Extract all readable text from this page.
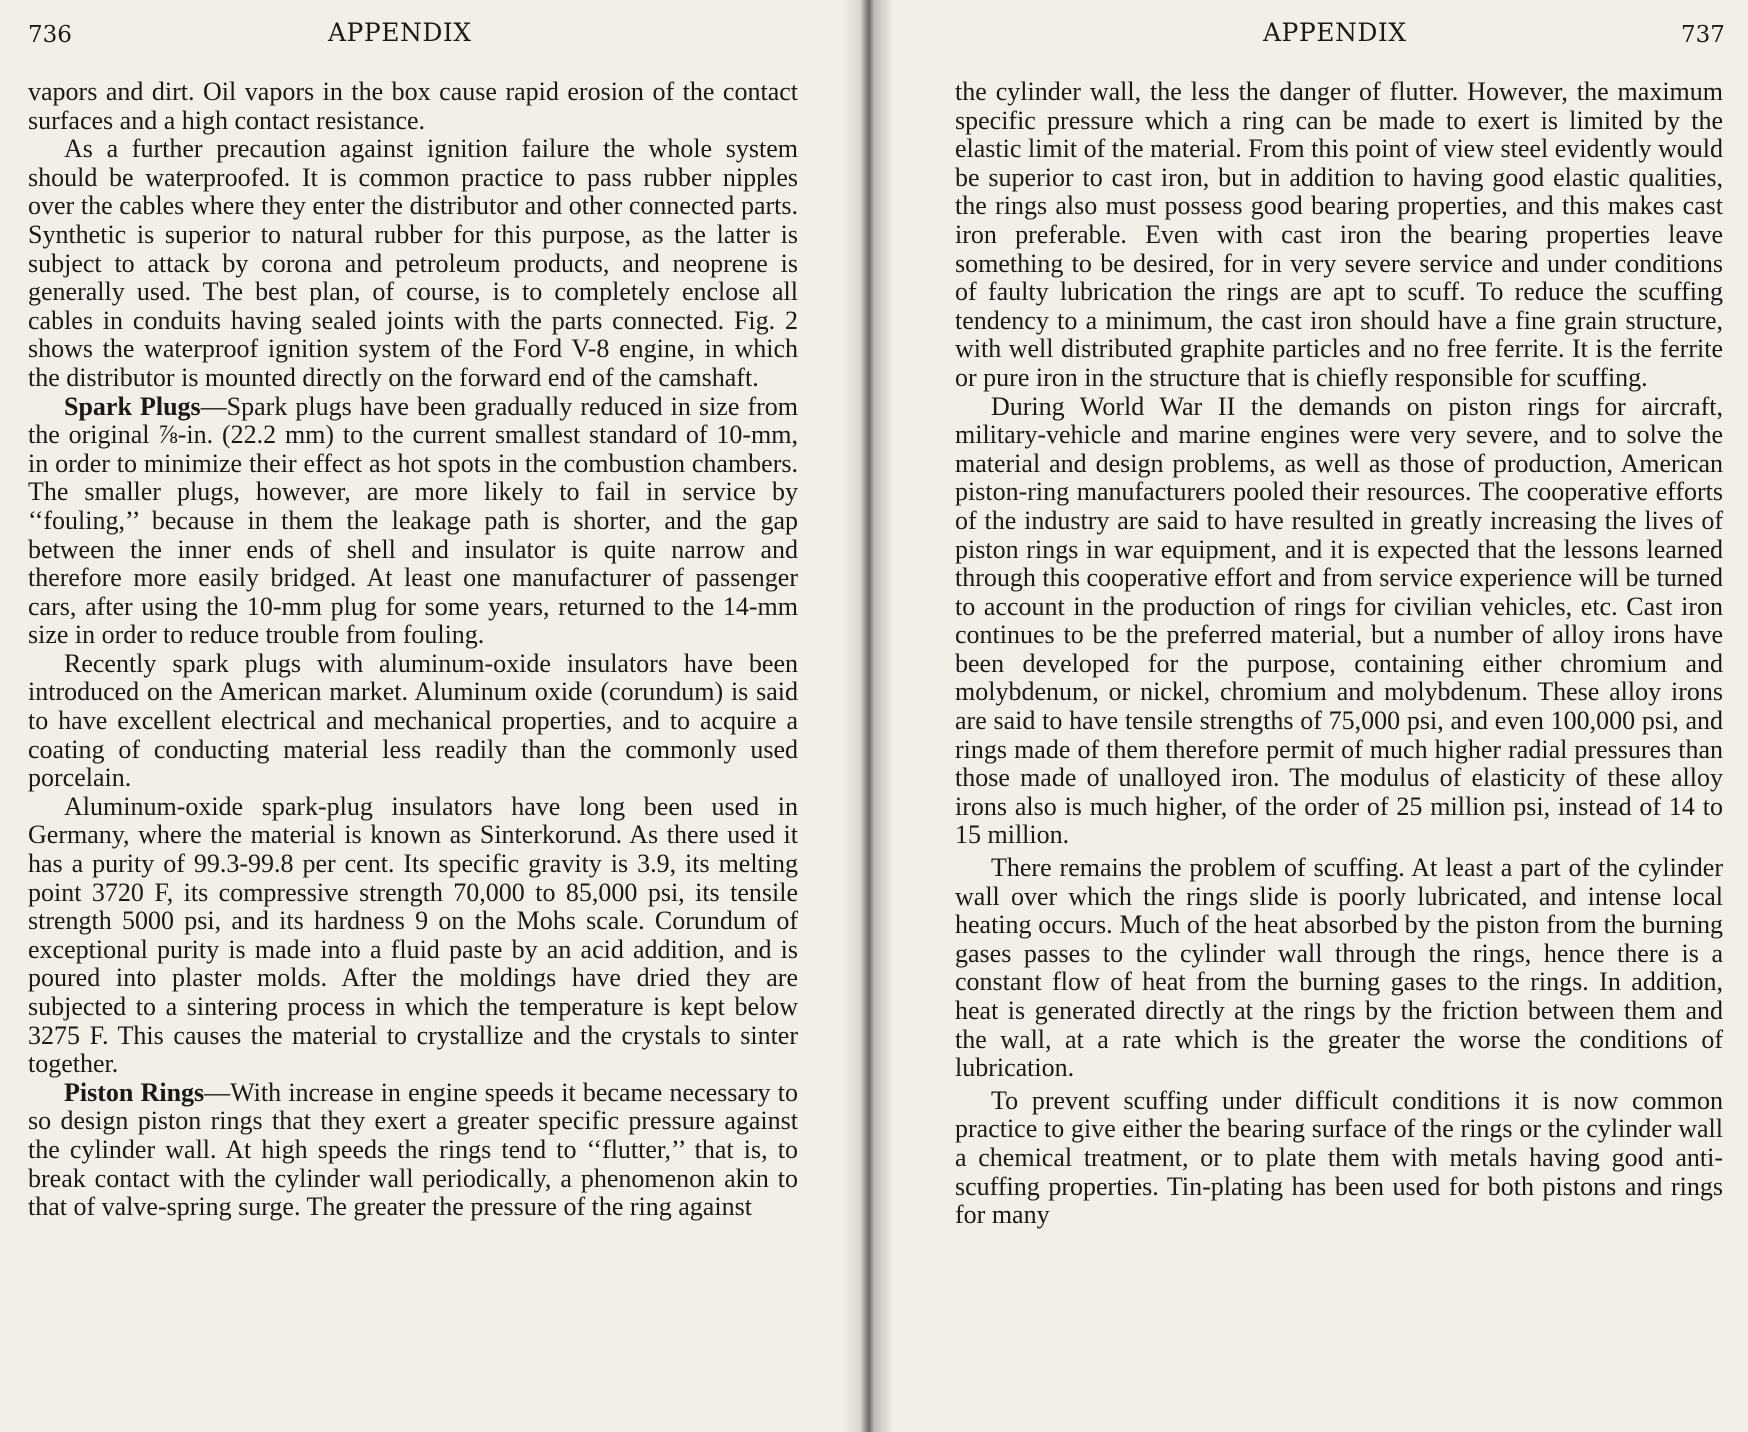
736	APPENDIX

vapors and dirt. Oil vapors in the box cause rapid erosion of the contact surfaces and a high contact resistance.

As a further precaution against ignition failure the whole system should be waterproofed. It is common practice to pass rubber nipples over the cables where they enter the distributor and other connected parts. Synthetic is superior to natural rubber for this purpose, as the latter is subject to attack by corona and petroleum products, and neoprene is generally used. The best plan, of course, is to completely enclose all cables in conduits having sealed joints with the parts connected. Fig. 2 shows the waterproof ignition system of the Ford V-8 engine, in which the distributor is mounted directly on the forward end of the camshaft.

Spark Plugs—Spark plugs have been gradually reduced in size from the original ⅞-in. (22.2 mm) to the current smallest standard of 10-mm, in order to minimize their effect as hot spots in the combustion chambers. The smaller plugs, however, are more likely to fail in service by ‘‘fouling,’’ because in them the leakage path is shorter, and the gap between the inner ends of shell and insulator is quite narrow and therefore more easily bridged. At least one manufacturer of passenger cars, after using the 10-mm plug for some years, returned to the 14-mm size in order to reduce trouble from fouling.

Recently spark plugs with aluminum-oxide insulators have been introduced on the American market. Aluminum oxide (corundum) is said to have excellent electrical and mechanical properties, and to acquire a coating of conducting material less readily than the commonly used porcelain.

Aluminum-oxide spark-plug insulators have long been used in Germany, where the material is known as Sinterkorund. As there used it has a purity of 99.3-99.8 per cent. Its specific gravity is 3.9, its melting point 3720 F, its compressive strength 70,000 to 85,000 psi, its tensile strength 5000 psi, and its hardness 9 on the Mohs scale. Corundum of exceptional purity is made into a fluid paste by an acid addition, and is poured into plaster molds. After the moldings have dried they are subjected to a sintering process in which the temperature is kept below 3275 F. This causes the material to crystallize and the crystals to sinter together.

Piston Rings—With increase in engine speeds it became necessary to so design piston rings that they exert a greater specific pressure against the cylinder wall. At high speeds the rings tend to ‘‘flutter,’’ that is, to break contact with the cylinder wall periodically, a phenomenon akin to that of valve-spring surge. The greater the pressure of the ring against

APPENDIX	737

the cylinder wall, the less the danger of flutter. However, the maximum specific pressure which a ring can be made to exert is limited by the elastic limit of the material. From this point of view steel evidently would be superior to cast iron, but in addition to having good elastic qualities, the rings also must possess good bearing properties, and this makes cast iron preferable. Even with cast iron the bearing properties leave something to be desired, for in very severe service and under conditions of faulty lubrication the rings are apt to scuff. To reduce the scuffing tendency to a minimum, the cast iron should have a fine grain structure, with well distributed graphite particles and no free ferrite. It is the ferrite or pure iron in the structure that is chiefly responsible for scuffing.

During World War II the demands on piston rings for aircraft, military-vehicle and marine engines were very severe, and to solve the material and design problems, as well as those of production, American piston-ring manufacturers pooled their resources. The cooperative efforts of the industry are said to have resulted in greatly increasing the lives of piston rings in war equipment, and it is expected that the lessons learned through this cooperative effort and from service experience will be turned to account in the production of rings for civilian vehicles, etc. Cast iron continues to be the preferred material, but a number of alloy irons have been developed for the purpose, containing either chromium and molybdenum, or nickel, chromium and molybdenum. These alloy irons are said to have tensile strengths of 75,000 psi, and even 100,000 psi, and rings made of them therefore permit of much higher radial pressures than those made of unalloyed iron. The modulus of elasticity of these alloy irons also is much higher, of the order of 25 million psi, instead of 14 to 15 million.

There remains the problem of scuffing. At least a part of the cylinder wall over which the rings slide is poorly lubricated, and intense local heating occurs. Much of the heat absorbed by the piston from the burning gases passes to the cylinder wall through the rings, hence there is a constant flow of heat from the burning gases to the rings. In addition, heat is generated directly at the rings by the friction between them and the wall, at a rate which is the greater the worse the conditions of lubrication.

To prevent scuffing under difficult conditions it is now common practice to give either the bearing surface of the rings or the cylinder wall a chemical treatment, or to plate them with metals having good anti-scuffing properties. Tin-plating has been used for both pistons and rings for many
